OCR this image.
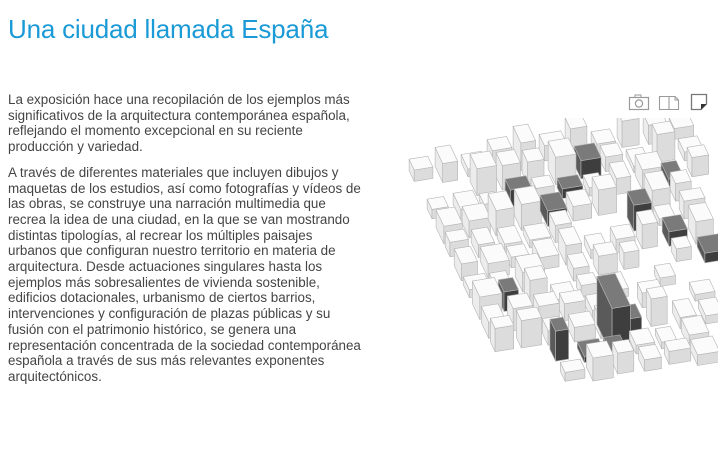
Una ciudad llamada España

La exposición hace una recopilación de los ejemplos más significativos de la arquitectura contemporánea española, reflejando el momento excepcional en su reciente producción y variedad.

A través de diferentes materiales que incluyen dibujos y maquetas de los estudios, así como fotografías y vídeos de las obras, se construye una narración multimedia que recrea la idea de una ciudad, en la que se van mostrando distintas tipologías, al recrear los múltiples paisajes urbanos que configuran nuestro territorio en materia de arquitectura. Desde actuaciones singulares hasta los ejemplos más sobresalientes de vivienda sostenible, edificios dotacionales, urbanismo de ciertos barrios, intervenciones y configuración de plazas públicas y su fusión con el patrimonio histórico, se genera una representación concentrada de la sociedad contemporánea española a través de sus más relevantes exponentes arquitectónicos.
